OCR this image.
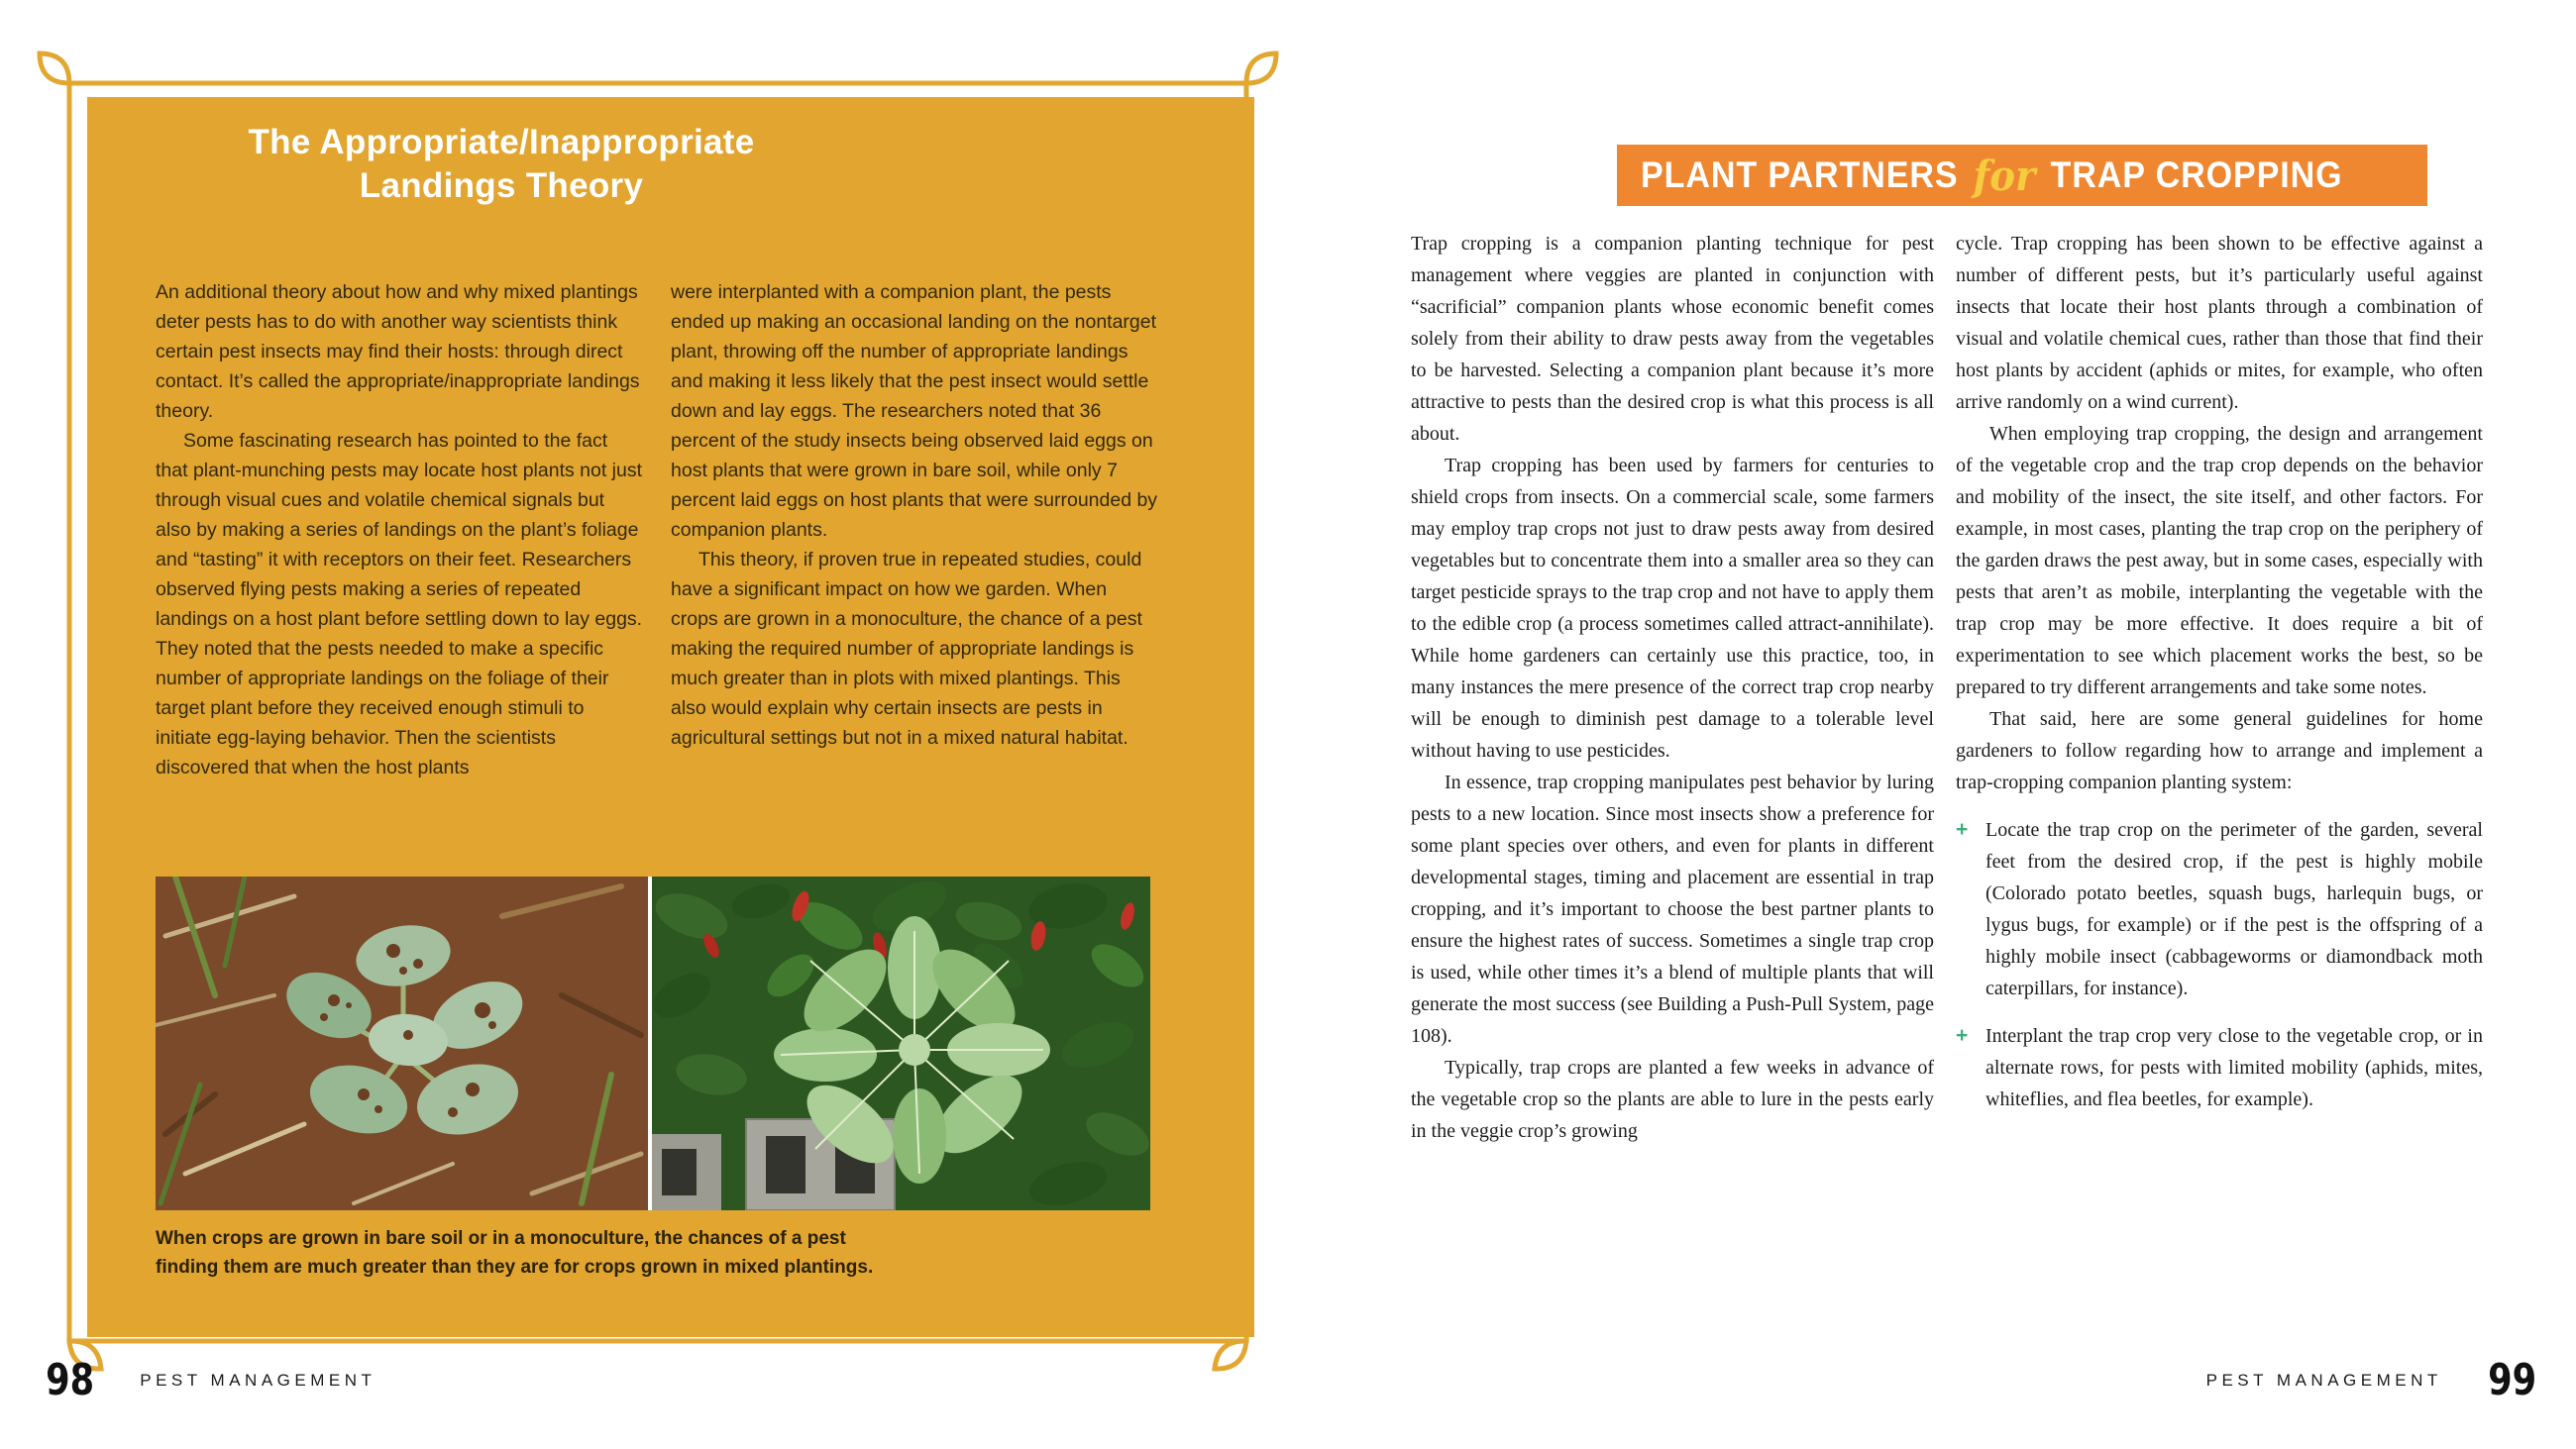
The Appropriate/Inappropriate
Landings Theory

An additional theory about how and why mixed plantings deter pests has to do with another way scientists think certain pest insects may find their hosts: through direct contact. It’s called the appropriate/inappropriate landings theory.

Some fascinating research has pointed to the fact that plant-munching pests may locate host plants not just through visual cues and volatile chemical signals but also by making a series of landings on the plant’s foliage and “tasting” it with receptors on their feet. Researchers observed flying pests making a series of repeated landings on a host plant before settling down to lay eggs. They noted that the pests needed to make a specific number of appropriate landings on the foliage of their target plant before they received enough stimuli to initiate egg-laying behavior. Then the scientists discovered that when the host plants

were interplanted with a companion plant, the pests ended up making an occasional landing on the nontarget plant, throwing off the number of appropriate landings and making it less likely that the pest insect would settle down and lay eggs. The researchers noted that 36 percent of the study insects being observed laid eggs on host plants that were grown in bare soil, while only 7 percent laid eggs on host plants that were surrounded by companion plants.

This theory, if proven true in repeated studies, could have a significant impact on how we garden. When crops are grown in a monoculture, the chance of a pest making the required number of appropriate landings is much greater than in plots with mixed plantings. This also would explain why certain insects are pests in agricultural settings but not in a mixed natural habitat.

When crops are grown in bare soil or in a monoculture, the chances of a pest finding them are much greater than they are for crops grown in mixed plantings.

98	PEST MANAGEMENT
PLANT PARTNERS for TRAP CROPPING

Trap cropping is a companion planting technique for pest management where veggies are planted in conjunction with “sacrificial” companion plants whose economic benefit comes solely from their ability to draw pests away from the vegetables to be harvested. Selecting a companion plant because it’s more attractive to pests than the desired crop is what this process is all about.

Trap cropping has been used by farmers for centuries to shield crops from insects. On a commercial scale, some farmers may employ trap crops not just to draw pests away from desired vegetables but to concentrate them into a smaller area so they can target pesticide sprays to the trap crop and not have to apply them to the edible crop (a process sometimes called attract-annihilate). While home gardeners can certainly use this practice, too, in many instances the mere presence of the correct trap crop nearby will be enough to diminish pest damage to a tolerable level without having to use pesticides.

In essence, trap cropping manipulates pest behavior by luring pests to a new location. Since most insects show a preference for some plant species over others, and even for plants in different developmental stages, timing and placement are essential in trap cropping, and it’s important to choose the best partner plants to ensure the highest rates of success. Sometimes a single trap crop is used, while other times it’s a blend of multiple plants that will generate the most success (see Building a Push-Pull System, page 108).

Typically, trap crops are planted a few weeks in advance of the vegetable crop so the plants are able to lure in the pests early in the veggie crop’s growing

cycle. Trap cropping has been shown to be effective against a number of different pests, but it’s particularly useful against insects that locate their host plants through a combination of visual and volatile chemical cues, rather than those that find their host plants by accident (aphids or mites, for example, who often arrive randomly on a wind current).

When employing trap cropping, the design and arrangement of the vegetable crop and the trap crop depends on the behavior and mobility of the insect, the site itself, and other factors. For example, in most cases, planting the trap crop on the periphery of the garden draws the pest away, but in some cases, especially with pests that aren’t as mobile, interplanting the vegetable with the trap crop may be more effective. It does require a bit of experimentation to see which placement works the best, so be prepared to try different arrangements and take some notes.

That said, here are some general guidelines for home gardeners to follow regarding how to arrange and implement a trap-cropping companion planting system:

+ Locate the trap crop on the perimeter of the garden, several feet from the desired crop, if the pest is highly mobile (Colorado potato beetles, squash bugs, harlequin bugs, or lygus bugs, for example) or if the pest is the offspring of a highly mobile insect (cabbageworms or diamondback moth caterpillars, for instance).
+ Interplant the trap crop very close to the vegetable crop, or in alternate rows, for pests with limited mobility (aphids, mites, whiteflies, and flea beetles, for example).
PEST MANAGEMENT 99
